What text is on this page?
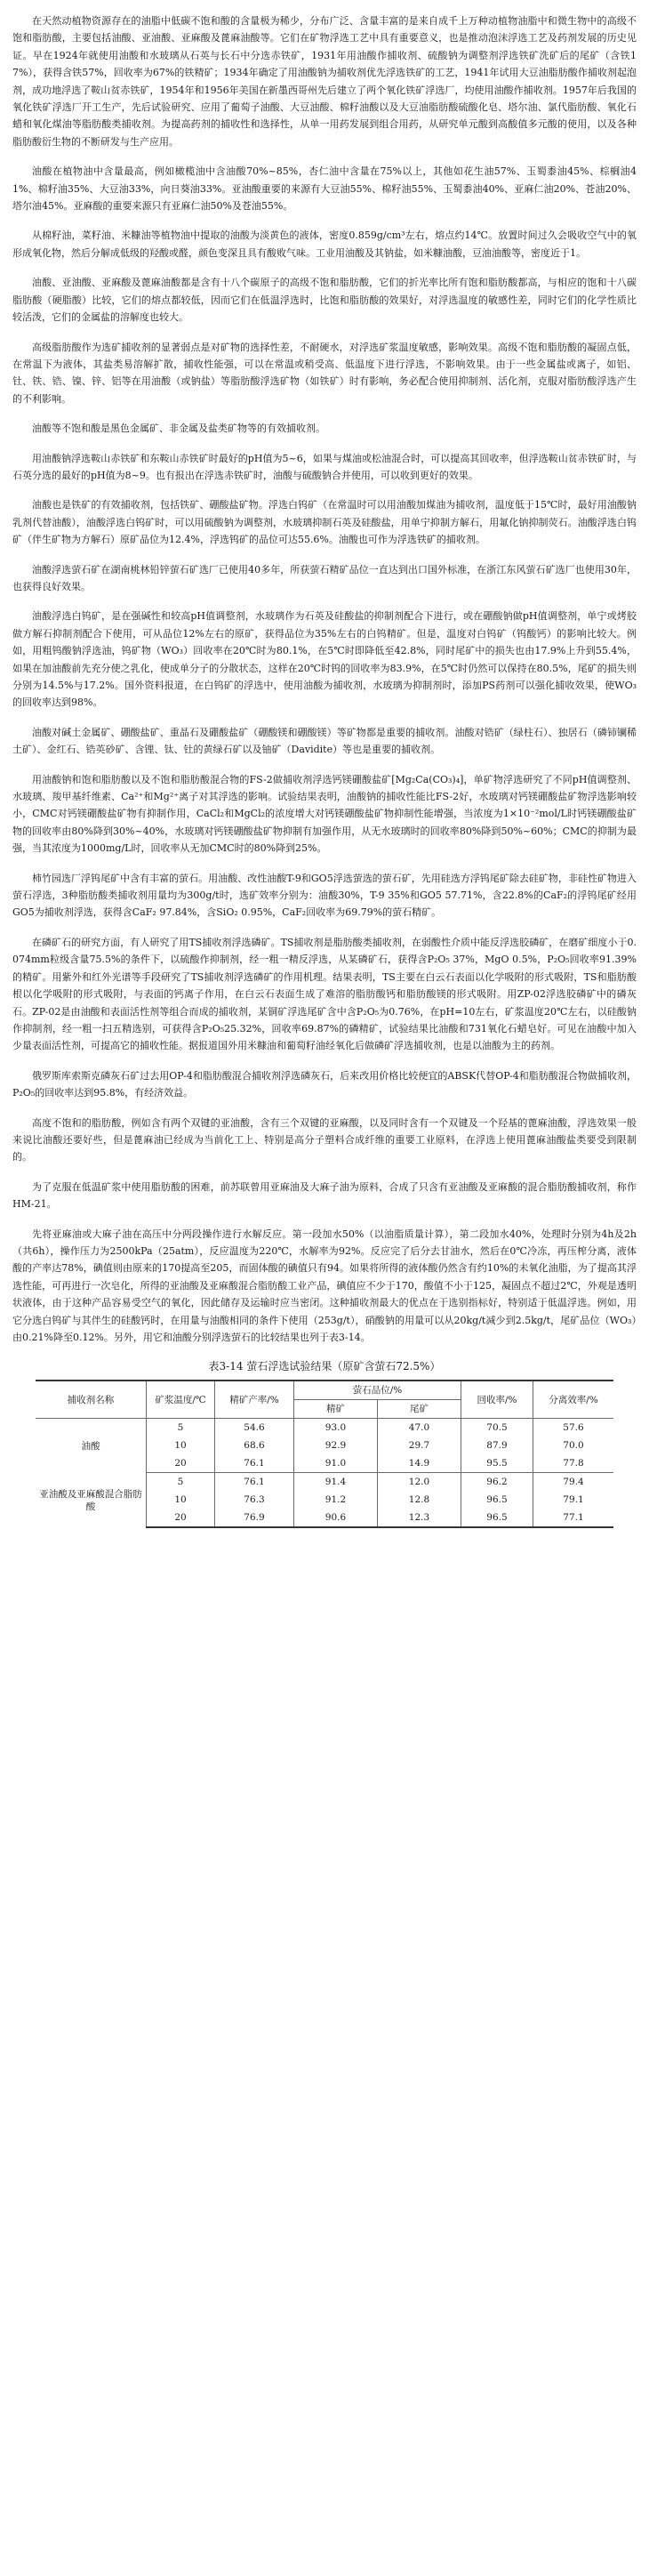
在天然动植物资源存在的油脂中低碳不饱和酸的含量极为稀少，分布广泛、含量丰富的是来自成千上万种动植物油脂中和微生物中的高级不饱和脂肪酸，主要包括油酸、亚油酸、亚麻酸及蓖麻油酸等。它们在矿物浮选工艺中具有重要意义，也是推动泡沫浮选工艺及药剂发展的历史见证。早在1924年就使用油酸和水玻璃从石英与长石中分选赤铁矿，1931年用油酸作捕收剂、硫酸钠为调整剂浮选铁矿洗矿后的尾矿（含铁17%），获得含铁57%，回收率为67%的铁精矿；1934年确定了用油酸钠为捕收剂优先浮选铁矿的工艺，1941年试用大豆油脂肪酸作捕收剂起泡剂，成功地浮选了鞍山贫赤铁矿，1954年和1956年美国在新墨西哥州先后建立了两个氧化铁矿浮选厂，均使用油酸作捕收剂。1957年后我国的氧化铁矿浮选厂开工生产，先后试验研究、应用了葡萄子油酸、大豆油酸、棉籽油酸以及大豆油脂肪酸硫酸化皂、塔尔油、氯代脂肪酸、氧化石蜡和氧化煤油等脂肪酸类捕收剂。为提高药剂的捕收性和选择性，从单一用药发展到组合用药，从研究单元酸到高酸值多元酸的使用，以及各种脂肪酸衍生物的不断研发与生产应用。

油酸在植物油中含量最高，例如橄榄油中含油酸70%~85%，杏仁油中含量在75%以上，其他如花生油57%、玉蜀黍油45%、棕榈油41%、棉籽油35%、大豆油33%，向日葵油33%。亚油酸重要的来源有大豆油55%、棉籽油55%、玉蜀黍油40%、亚麻仁油20%、苍油20%、塔尔油45%。亚麻酸的重要来源只有亚麻仁油50%及苍油55%。

从棉籽油，菜籽油、米糠油等植物油中提取的油酸为淡黄色的液体，密度0.859g/cm³左右，熔点约14℃。放置时间过久会吸收空气中的氧形成氧化物，然后分解成低级的羟酸或醛，颜色变深且具有酸败气味。工业用油酸及其钠盐，如米糠油酸，豆油油酸等，密度近于1。

油酸、亚油酸、亚麻酸及蓖麻油酸都是含有十八个碳原子的高级不饱和脂肪酸，它们的折光率比所有饱和脂肪酸都高，与相应的饱和十八碳脂肪酸（硬脂酸）比较，它们的熔点都较低，因而它们在低温浮选时，比饱和脂肪酸的效果好，对浮选温度的敏感性差，同时它们的化学性质比较活泼，它们的金属盐的溶解度也较大。

高级脂肪酸作为选矿捕收剂的显著弱点是对矿物的选择性差，不耐硬水，对浮选矿浆温度敏感，影响效果。高级不饱和脂肪酸的凝固点低，在常温下为液体，其盐类易溶解扩散，捕收性能强，可以在常温或稍受高、低温度下进行浮选，不影响效果。由于一些金属盐或离子，如铝、钍、铁、锆、镍、锌、铝等在用油酸（或钠盐）等脂肪酸浮选矿物（如铁矿）时有影响，务必配合使用抑制剂、活化剂，克服对脂肪酸浮选产生的不利影响。

油酸等不饱和酸是黑色金属矿、非金属及盐类矿物等的有效捕收剂。

用油酸钠浮选鞍山赤铁矿和东鞍山赤铁矿时最好的pH值为5~6，如果与煤油或松油混合时，可以提高其回收率，但浮选鞍山贫赤铁矿时，与石英分选的最好的pH值为8~9。也有报出在浮选赤铁矿时，油酸与硫酸钠合并使用，可以收到更好的效果。

油酸也是铁矿的有效捕收剂，包括铁矿、硼酸盐矿物。浮选白钨矿（在常温时可以用油酸加煤油为捕收剂，温度低于15℃时，最好用油酸钠乳剂代替油酸），油酸浮选白钨矿时，可以用硫酸钠为调整剂，水玻璃抑制石英及硅酸盐，用单宁抑制方解石，用氟化钠抑制荧石。油酸浮选白钨矿（伴生矿物为方解石）原矿品位为12.4%，浮选钨矿的品位可达55.6%。油酸也可作为浮选铁矿的捕收剂。

油酸浮选萤石矿在湖南桃林铅锌萤石矿选厂已使用40多年，所获萤石精矿品位一直达到出口国外标准，在浙江东风萤石矿选厂也使用30年，也获得良好效果。

油酸浮选白钨矿，是在强碱性和较高pH值调整剂，水玻璃作为石英及硅酸盐的抑制剂配合下进行，或在硼酸钠做pH值调整剂，单宁或烤胶做方解石抑制剂配合下使用，可从品位12%左右的原矿，获得品位为35%左右的白钨精矿。但是，温度对白钨矿（钨酸钙）的影响比较大。例如，用粗钨酸钠浮选油，钨矿物（WO₃）回收率在20℃时为80.1%，在5℃时即降低至42.8%，同时尾矿中的损失也由17.9%上升到55.4%，如果在加油酸前先充分使之乳化，使成单分子的分散状态，这样在20℃时钨的回收率为83.9%，在5℃时仍然可以保持在80.5%，尾矿的损失则分别为14.5%与17.2%。国外资料报道，在白钨矿的浮选中，使用油酸为捕收剂，水玻璃为抑制剂时，添加PS药剂可以强化捕收效果，使WO₃的回收率达到98%。

油酸对碱土金属矿、硼酸盐矿、重晶石及硼酸盐矿（硼酸镁和硼酸镁）等矿物都是重要的捕收剂。油酸对锆矿（绿柱石）、独居石（磷铈镧稀土矿）、金红石、锆英砂矿、含锂、钛、钍的黄绿石矿以及铀矿（Davidite）等也是重要的捕收剂。

用油酸钠和饱和脂肪酸以及不饱和脂肪酸混合物的FS-2做捕收剂浮选钙镁硼酸盐矿[Mg₂Ca(CO₃)₄]，单矿物浮选研究了不同pH值调整剂、水玻璃、羧甲基纤维素、Ca²⁺和Mg²⁺离子对其浮选的影响。试验结果表明，油酸钠的捕收性能比FS-2好，水玻璃对钙镁硼酸盐矿物浮选影响较小，CMC对钙镁硼酸盐矿物有抑制作用，CaCl₂和MgCl₂的浓度增大对钙镁硼酸盐矿物抑制性能增强，当浓度为1×10⁻²mol/L时钙镁硼酸盐矿物的回收率由80%降到30%~40%，水玻璃对钙镁硼酸盐矿物抑制有加强作用，从无水玻璃时的回收率80%降到50%~60%；CMC的抑制为最强，当其浓度为1000mg/L时，回收率从无加CMC时的80%降到25%。

柿竹园选厂浮钨尾矿中含有丰富的萤石。用油酸、改性油酸T-9和GO5浮选萤选的萤石矿，先用硅选方浮钨尾矿除去硅矿物，非硅性矿物进入萤石浮选，3种脂肪酸类捕收剂用量均为300g/t时，选矿效率分别为：油酸30%，T-9 35%和GO5 57.71%，含22.8%的CaF₂的浮钨尾矿经用GO5为捕收剂浮选，获得含CaF₂ 97.84%，含SiO₂ 0.95%，CaF₂回收率为69.79%的萤石精矿。

在磷矿石的研究方面，有人研究了用TS捕收剂浮选磷矿。TS捕收剂是脂肪酸类捕收剂，在弱酸性介质中能反浮选胶磷矿，在磨矿细度小于0.074mm粒级含量75.5%的条件下，以硫酸作抑制剂，经一粗一精反浮选，从某磷矿石，获得含P₂O₅ 37%，MgO 0.5%，P₂O₅回收率91.39%的精矿。用紫外和红外光谱等手段研究了TS捕收剂浮选磷矿的作用机理。结果表明，TS主要在白云石表面以化学吸附的形式吸附，TS和脂肪酸根以化学吸附的形式吸附，与表面的钙离子作用，在白云石表面生成了难溶的脂肪酸钙和脂肪酸镁的形式吸附。用ZP-02浮选胶磷矿中的磷灰石。ZP-02是由油酸和表面活性剂等组合而成的捕收剂，某铜矿浮选尾矿含中含P₂O₅为0.76%，在pH=10左右，矿浆温度20℃左右，以硅酸钠作抑制剂，经一粗一扫五精选别，可获得含P₂O₅25.32%，回收率69.87%的磷精矿，试验结果比油酸和731氧化石蜡皂好。可见在油酸中加入少量表面活性剂，可提高它的捕收性能。据报道国外用米糠油和葡萄籽油经氧化后做磷矿浮选捕收剂，也是以油酸为主的药剂。

俄罗斯库索斯克磷灰石矿过去用OP-4和脂肪酸混合捕收剂浮选磷灰石，后来改用价格比较便宜的ABSK代替OP-4和脂肪酸混合物做捕收剂，P₂O₅的回收率达到95.8%，有经济效益。

高度不饱和的脂肪酸，例如含有两个双键的亚油酸，含有三个双键的亚麻酸，以及同时含有一个双键及一个羟基的蓖麻油酸，浮选效果一般来说比油酸还要好些，但是蓖麻油已经成为当前化工上、特别是高分子塑料合成纤维的重要工业原料，在浮选上使用蓖麻油酸盐类要受到限制的。

为了克服在低温矿浆中使用脂肪酸的困难，前苏联曾用亚麻油及大麻子油为原料，合成了只含有亚油酸及亚麻酸的混合脂肪酸捕收剂，称作HM-21。

先将亚麻油或大麻子油在高压中分两段操作进行水解反应。第一段加水50%（以油脂质量计算），第二段加水40%，处理时分别为4h及2h（共6h），操作压力为2500kPa（25atm），反应温度为220℃，水解率为92%。反应完了后分去甘油水，然后在0℃冷冻，再压榨分离，液体酸的产率达78%，碘值则由原来的170提高至205，而固体酸的碘值只有94。如果将所得的液体酸仍然含有约10%的未氧化油脂，为了提高其浮选性能，可再进行一次皂化，所得的亚油酸及亚麻酸混合脂肪酸工业产品，碘值应不少于170，酸值不小于125，凝固点不超过2℃，外观是透明状液体，由于这种产品容易受空气的氧化，因此储存及运输时应当密闭。这种捕收剂最大的优点在于选别指标好，特别适于低温浮选。例如，用它分选白钨矿与其伴生的硅酸钙时，在用量与油酸相同的条件下使用（253g/t），硝酸钠的用量可以从20kg/t减少到2.5kg/t，尾矿品位（WO₃）由0.21%降至0.12%。另外，用它和油酸分别浮选萤石的比较结果也列于表3-14。

表3-14 萤石浮选试验结果（原矿含萤石72.5%）
捕收剂名称	矿浆温度/℃	精矿产率/%	萤石品位/%		回收率/%	分离效率/%
			精矿	尾矿		
油酸	5	54.6	93.0	47.0	70.5	57.6
	10	68.6	92.9	29.7	87.9	70.0
	20	76.1	91.0	14.9	95.5	77.8
亚油酸及亚麻酸混合脂肪酸	5	76.1	91.4	12.0	96.2	79.4
	10	76.3	91.2	12.8	96.5	79.1
	20	76.9	90.6	12.3	96.5	77.1
